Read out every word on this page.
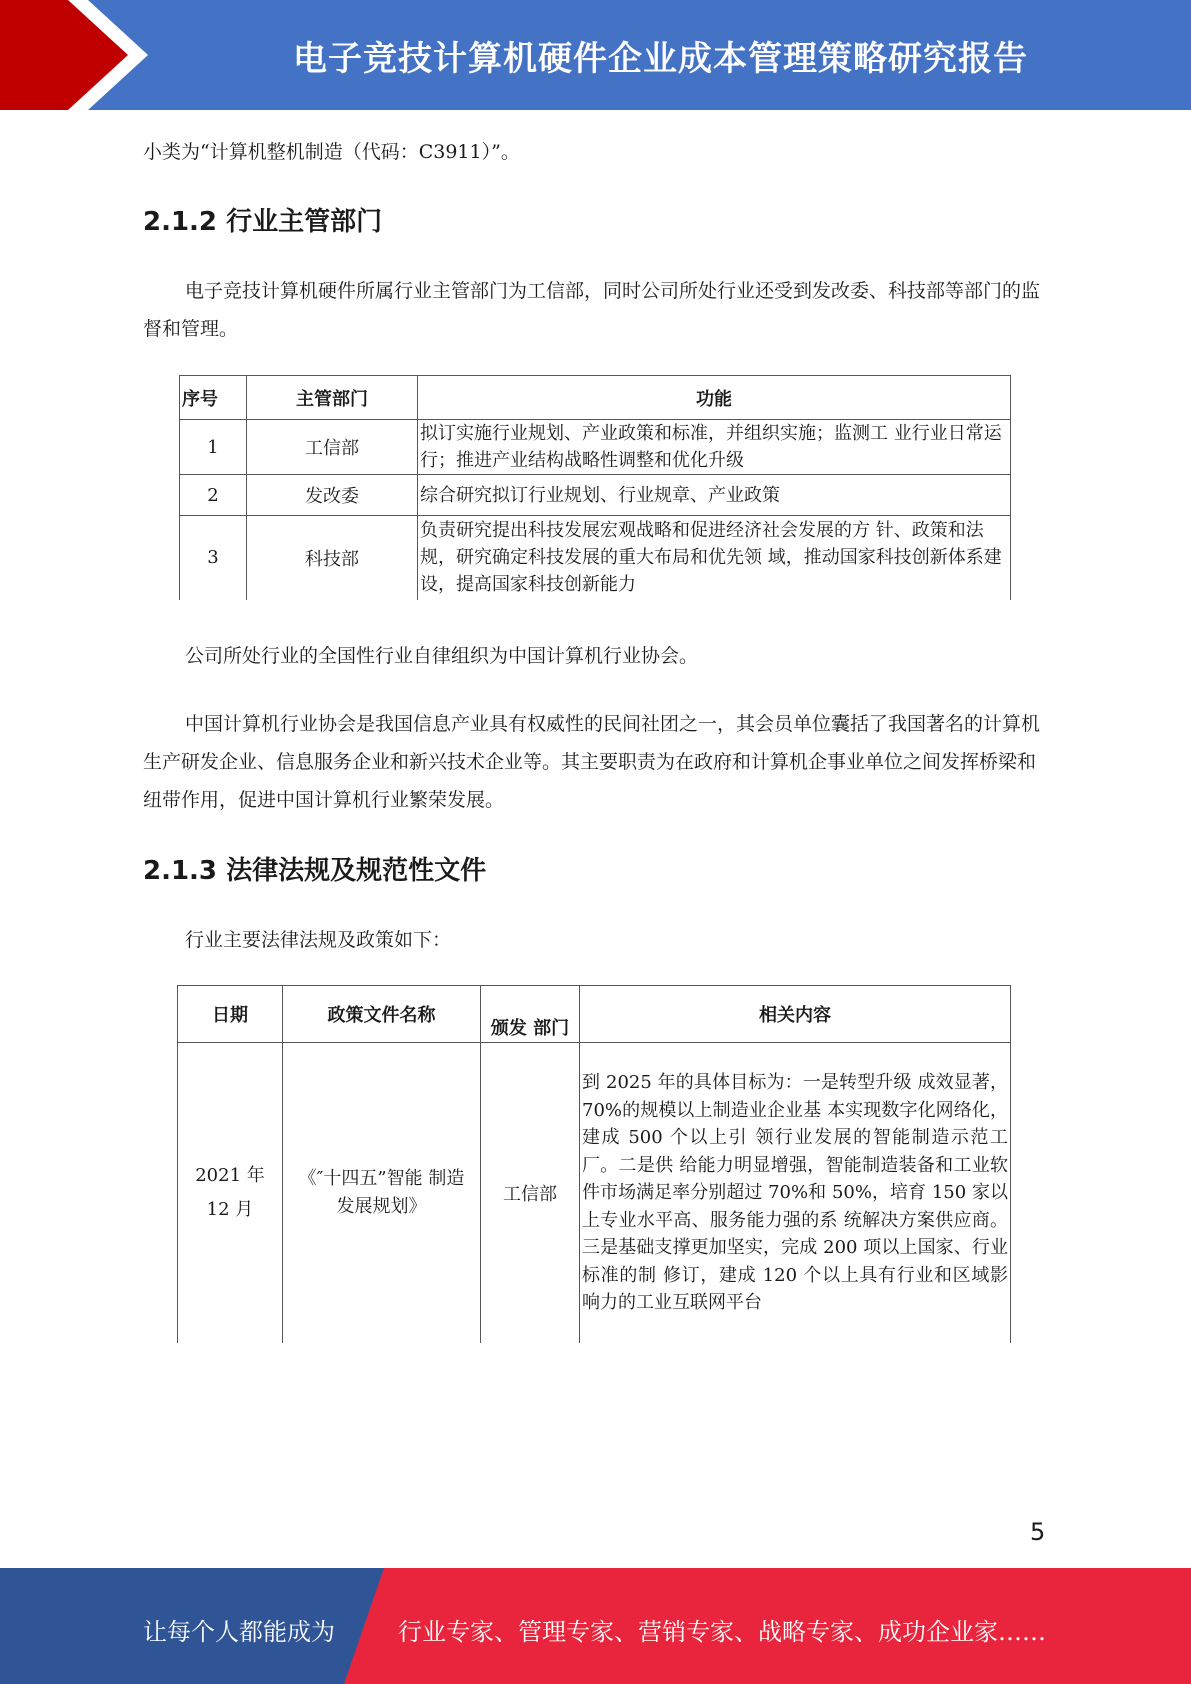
电子竞技计算机硬件企业成本管理策略研究报告

小类为“计算机整机制造（代码：C3911）”。

2.1.2 行业主管部门

电子竞技计算机硬件所属行业主管部门为工信部，同时公司所处行业还受到发改委、科技部等部门的监督和管理。

序号	主管部门	功能
1	工信部	拟订实施行业规划、产业政策和标准，并组织实施；监测工 业行业日常运行；推进产业结构战略性调整和优化升级
2	发改委	综合研究拟订行业规划、行业规章、产业政策
3	科技部	负责研究提出科技发展宏观战略和促进经济社会发展的方 针、政策和法规，研究确定科技发展的重大布局和优先领 域，推动国家科技创新体系建设，提高国家科技创新能力

公司所处行业的全国性行业自律组织为中国计算机行业协会。

中国计算机行业协会是我国信息产业具有权威性的民间社团之一，其会员单位囊括了我国著名的计算机生产研发企业、信息服务企业和新兴技术企业等。其主要职责为在政府和计算机企事业单位之间发挥桥梁和纽带作用，促进中国计算机行业繁荣发展。

2.1.3 法律法规及规范性文件

行业主要法律法规及政策如下：

日期	政策文件名称	颁发 部门	相关内容
2021 年 12 月	《″十四五”智能 制造发展规划》	工信部	到 2025 年的具体目标为：一是转型升级 成效显著，70%的规模以上制造业企业基 本实现数字化网络化，建成 500 个以上引 领行业发展的智能制造示范工厂。二是供 给能力明显增强，智能制造装备和工业软 件市场满足率分别超过 70%和 50%，培育 150 家以上专业水平高、服务能力强的系 统解决方案供应商。三是基础支撑更加坚实，完成 200 项以上国家、行业标准的制 修订，建成 120 个以上具有行业和区域影 响力的工业互联网平台
5
让每个人都能成为	行业专家、管理专家、营销专家、战略专家、成功企业家……
